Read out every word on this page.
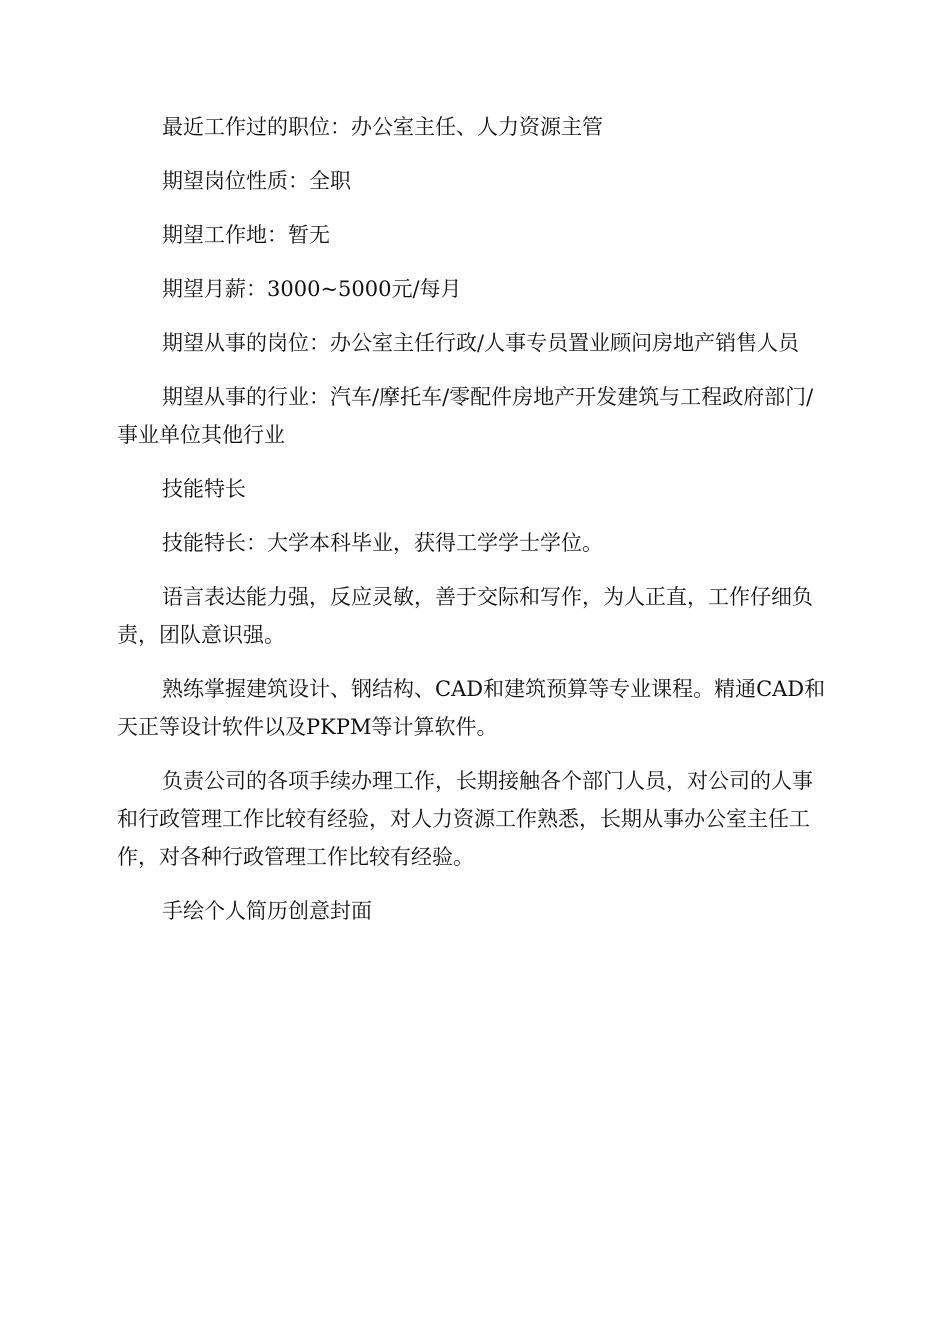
最近工作过的职位：办公室主任、人力资源主管

期望岗位性质：全职

期望工作地：暂无

期望月薪：3000~5000元/每月

期望从事的岗位：办公室主任行政/人事专员置业顾问房地产销售人员

期望从事的行业：汽车/摩托车/零配件房地产开发建筑与工程政府部门/事业单位其他行业

技能特长

技能特长：大学本科毕业，获得工学学士学位。

语言表达能力强，反应灵敏，善于交际和写作，为人正直，工作仔细负责，团队意识强。

熟练掌握建筑设计、钢结构、CAD和建筑预算等专业课程。精通CAD和天正等设计软件以及PKPM等计算软件。

负责公司的各项手续办理工作，长期接触各个部门人员，对公司的人事和行政管理工作比较有经验，对人力资源工作熟悉，长期从事办公室主任工作，对各种行政管理工作比较有经验。

手绘个人简历创意封面
